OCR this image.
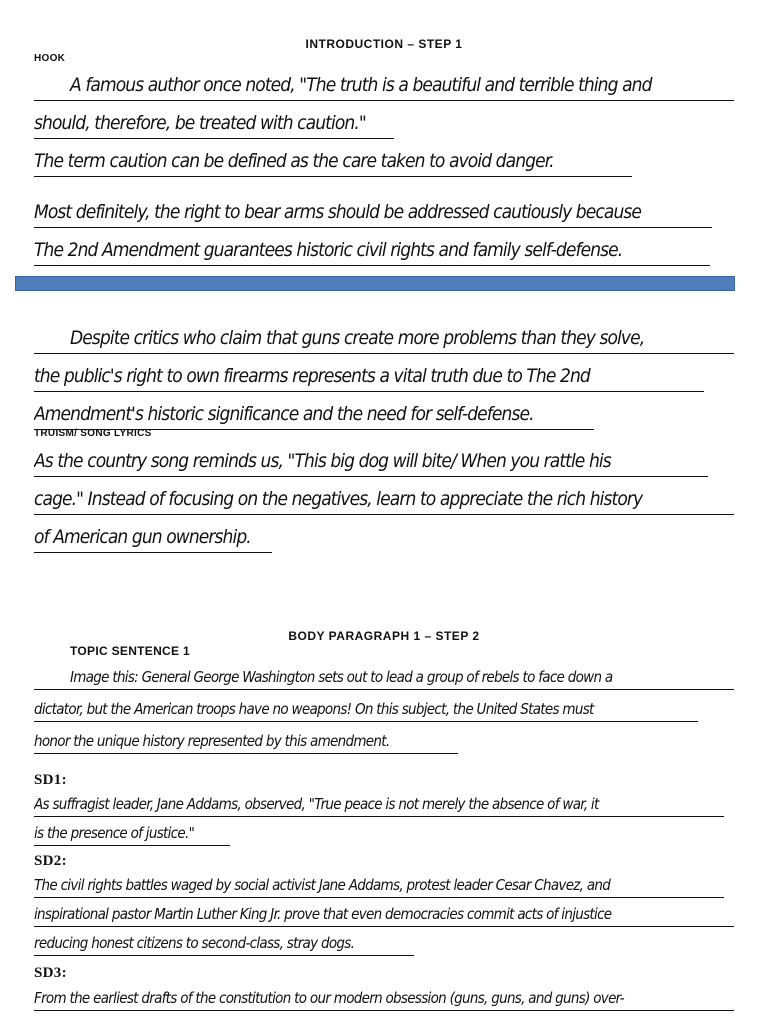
INTRODUCTION – STEP 1
HOOK
A famous author once noted, "The truth is a beautiful and terrible thing and
should, therefore, be treated with caution."
The term caution can be defined as the care taken to avoid danger.
Most definitely, the right to bear arms should be addressed cautiously because
The 2nd Amendment guarantees historic civil rights and family self-defense.
Despite critics who claim that guns create more problems than they solve,
the public's right to own firearms represents a vital truth due to The 2nd
Amendment's historic significance and the need for self-defense.
TRUISM/ SONG LYRICS
As the country song reminds us, "This big dog will bite/ When you rattle his
cage." Instead of focusing on the negatives, learn to appreciate the rich history
of American gun ownership.
BODY PARAGRAPH 1 – STEP 2
TOPIC SENTENCE 1
Image this: General George Washington sets out to lead a group of rebels to face down a
dictator, but the American troops have no weapons! On this subject, the United States must
honor the unique history represented by this amendment.
SD1:
As suffragist leader, Jane Addams, observed, "True peace is not merely the absence of war, it
is the presence of justice."
SD2:
The civil rights battles waged by social activist Jane Addams, protest leader Cesar Chavez, and
inspirational pastor Martin Luther King Jr. prove that even democracies commit acts of injustice
reducing honest citizens to second-class, stray dogs.
SD3:
From the earliest drafts of the constitution to our modern obsession (guns, guns, and guns) over-
